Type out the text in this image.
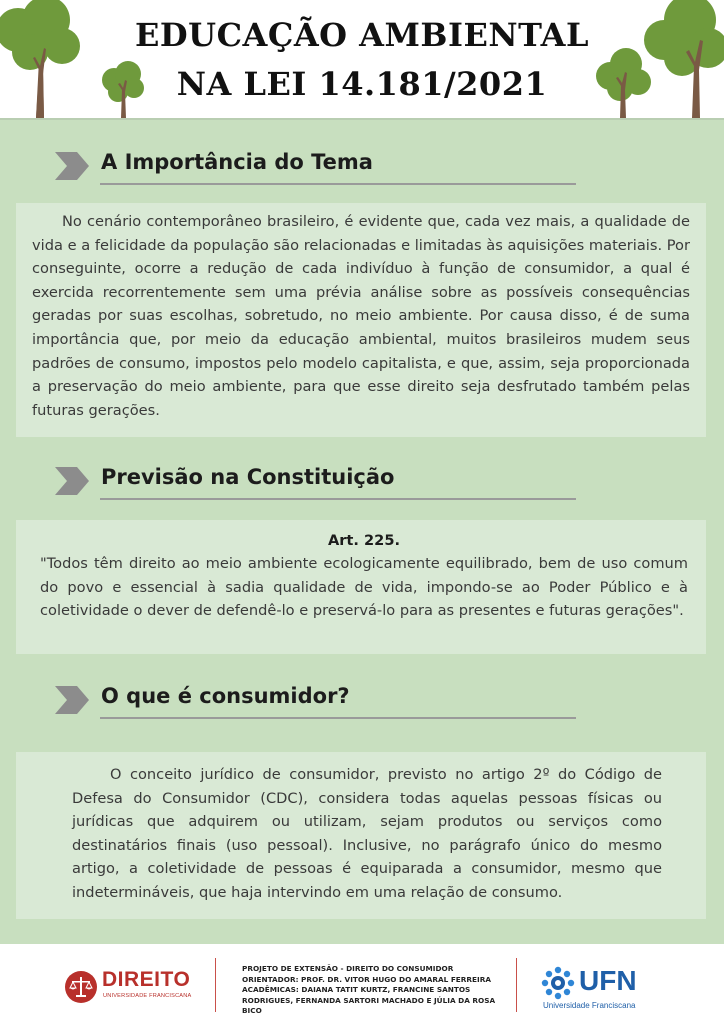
EDUCAÇÃO AMBIENTAL
NA LEI 14.181/2021
A Importância do Tema

No cenário contemporâneo brasileiro, é evidente que, cada vez mais, a qualidade de vida e a felicidade da população são relacionadas e limitadas às aquisições materiais. Por conseguinte, ocorre a redução de cada indivíduo à função de consumidor, a qual é exercida recorrentemente sem uma prévia análise sobre as possíveis consequências geradas por suas escolhas, sobretudo, no meio ambiente. Por causa disso, é de suma importância que, por meio da educação ambiental, muitos brasileiros mudem seus padrões de consumo, impostos pelo modelo capitalista, e que, assim, seja proporcionada a preservação do meio ambiente, para que esse direito seja desfrutado também pelas futuras gerações.

Previsão na Constituição
Art. 225.

"Todos têm direito ao meio ambiente ecologicamente equilibrado, bem de uso comum do povo e essencial à sadia qualidade de vida, impondo-se ao Poder Público e à coletividade o dever de defendê-lo e preservá-lo para as presentes e futuras gerações".

O que é consumidor?

O conceito jurídico de consumidor, previsto no artigo 2º do Código de Defesa do Consumidor (CDC), considera todas aquelas pessoas físicas ou jurídicas que adquirem ou utilizam, sejam produtos ou serviços como destinatários finais (uso pessoal). Inclusive, no parágrafo único do mesmo artigo, a coletividade de pessoas é equiparada a consumidor, mesmo que indetermináveis, que haja intervindo em uma relação de consumo.

DIREITO
UNIVERSIDADE FRANCISCANA
PROJETO DE EXTENSÃO - DIREITO DO CONSUMIDOR
ORIENTADOR: PROF. DR. VITOR HUGO DO AMARAL FERREIRA
ACADÊMICAS: DAIANA TATIT KURTZ, FRANCINE SANTOS
RODRIGUES, FERNANDA SARTORI MACHADO E JÚLIA DA ROSA BICO
UFN
Universidade Franciscana
